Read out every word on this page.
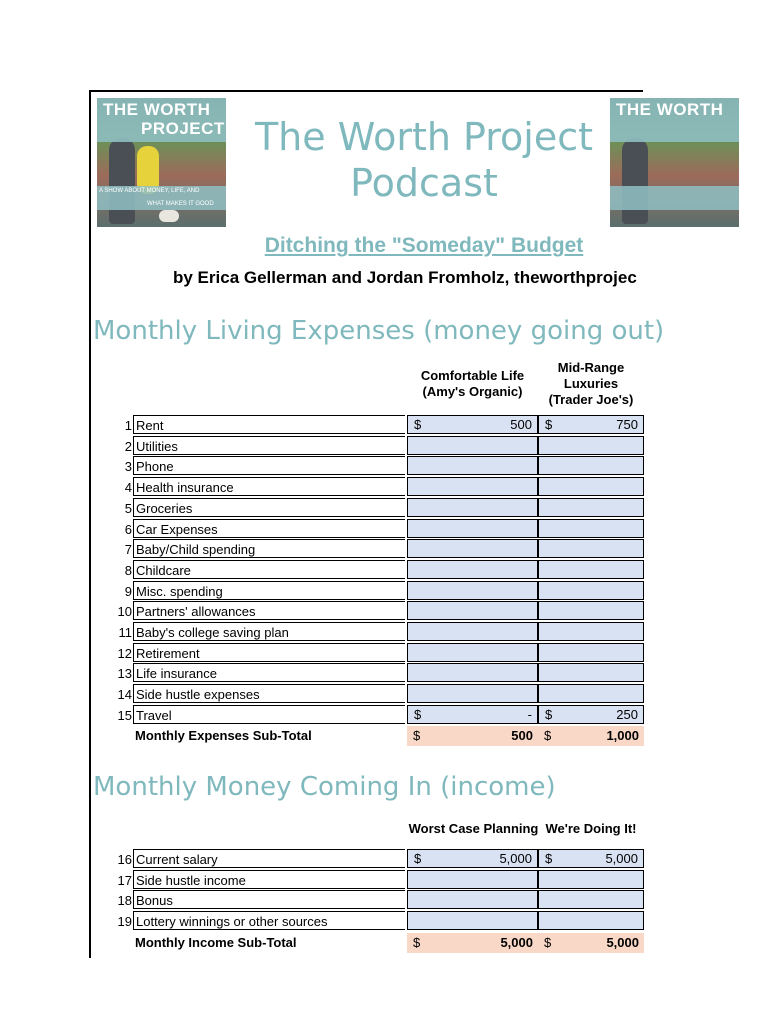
THE WORTH
PROJECT
A SHOW ABOUT MONEY, LIFE, AND
WHAT MAKES IT GOOD
THE WORTH
The Worth Project
Podcast
Ditching the "Someday" Budget
by Erica Gellerman and Jordan Fromholz, theworthprojec
Monthly Living Expenses (money going out)
Comfortable Life
(Amy's Organic)
Mid-Range
Luxuries
(Trader Joe's)
1 Rent	$	500 $	750
2 Utilities
3 Phone
4 Health insurance
5 Groceries
6 Car Expenses
7 Baby/Child spending
8 Childcare
9 Misc. spending
10 Partners' allowances
11 Baby's college saving plan
12 Retirement
13 Life insurance
14 Side hustle expenses
15 Travel	$	- $	250
Monthly Expenses Sub-Total	$	500 $	1,000
Monthly Money Coming In (income)
Worst Case Planning We're Doing It!
16 Current salary	$	5,000 $	5,000
17 Side hustle income
18 Bonus
19 Lottery winnings or other sources
Monthly Income Sub-Total	$	5,000 $	5,000
